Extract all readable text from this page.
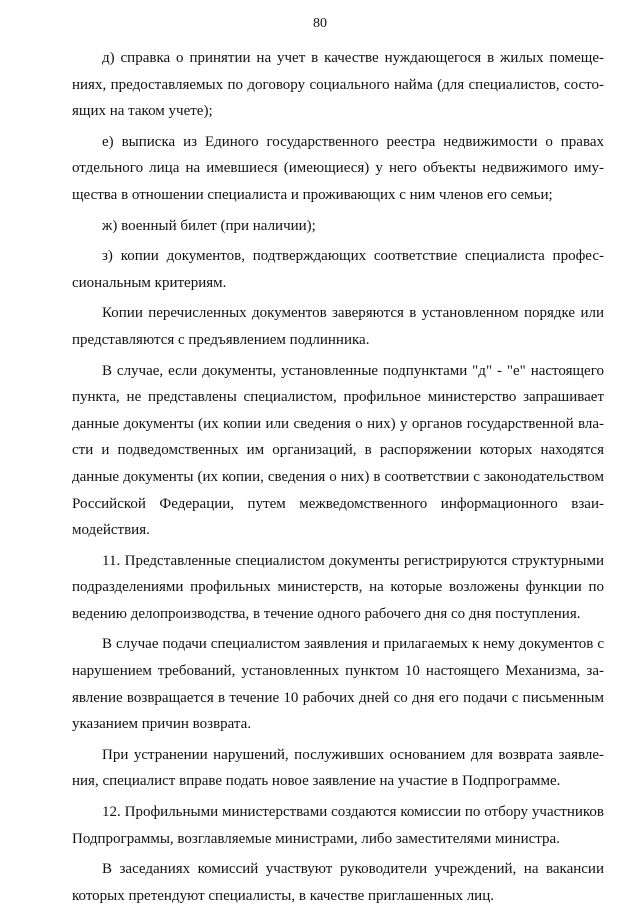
80

д) справка о принятии на учет в качестве нуждающегося в жилых помещениях, предоставляемых по договору социального найма (для специалистов, состоящих на таком учете);

е) выписка из Единого государственного реестра недвижимости о правах отдельного лица на имевшиеся (имеющиеся) у него объекты недвижимого имущества в отношении специалиста и проживающих с ним членов его семьи;

ж) военный билет (при наличии);

з) копии документов, подтверждающих соответствие специалиста профессиональным критериям.

Копии перечисленных документов заверяются в установленном порядке или представляются с предъявлением подлинника.

В случае, если документы, установленные подпунктами "д" - "е" настоящего пункта, не представлены специалистом, профильное министерство запрашивает данные документы (их копии или сведения о них) у органов государственной власти и подведомственных им организаций, в распоряжении которых находятся данные документы (их копии, сведения о них) в соответствии с законодательством Российской Федерации, путем межведомственного информационного взаимодействия.

11. Представленные специалистом документы регистрируются структурными подразделениями профильных министерств, на которые возложены функции по ведению делопроизводства, в течение одного рабочего дня со дня поступления.

В случае подачи специалистом заявления и прилагаемых к нему документов с нарушением требований, установленных пунктом 10 настоящего Механизма, заявление возвращается в течение 10 рабочих дней со дня его подачи с письменным указанием причин возврата.

При устранении нарушений, послуживших основанием для возврата заявления, специалист вправе подать новое заявление на участие в Подпрограмме.

12. Профильными министерствами создаются комиссии по отбору участников Подпрограммы, возглавляемые министрами, либо заместителями министра.

В заседаниях комиссий участвуют руководители учреждений, на вакансии которых претендуют специалисты, в качестве приглашенных лиц.
